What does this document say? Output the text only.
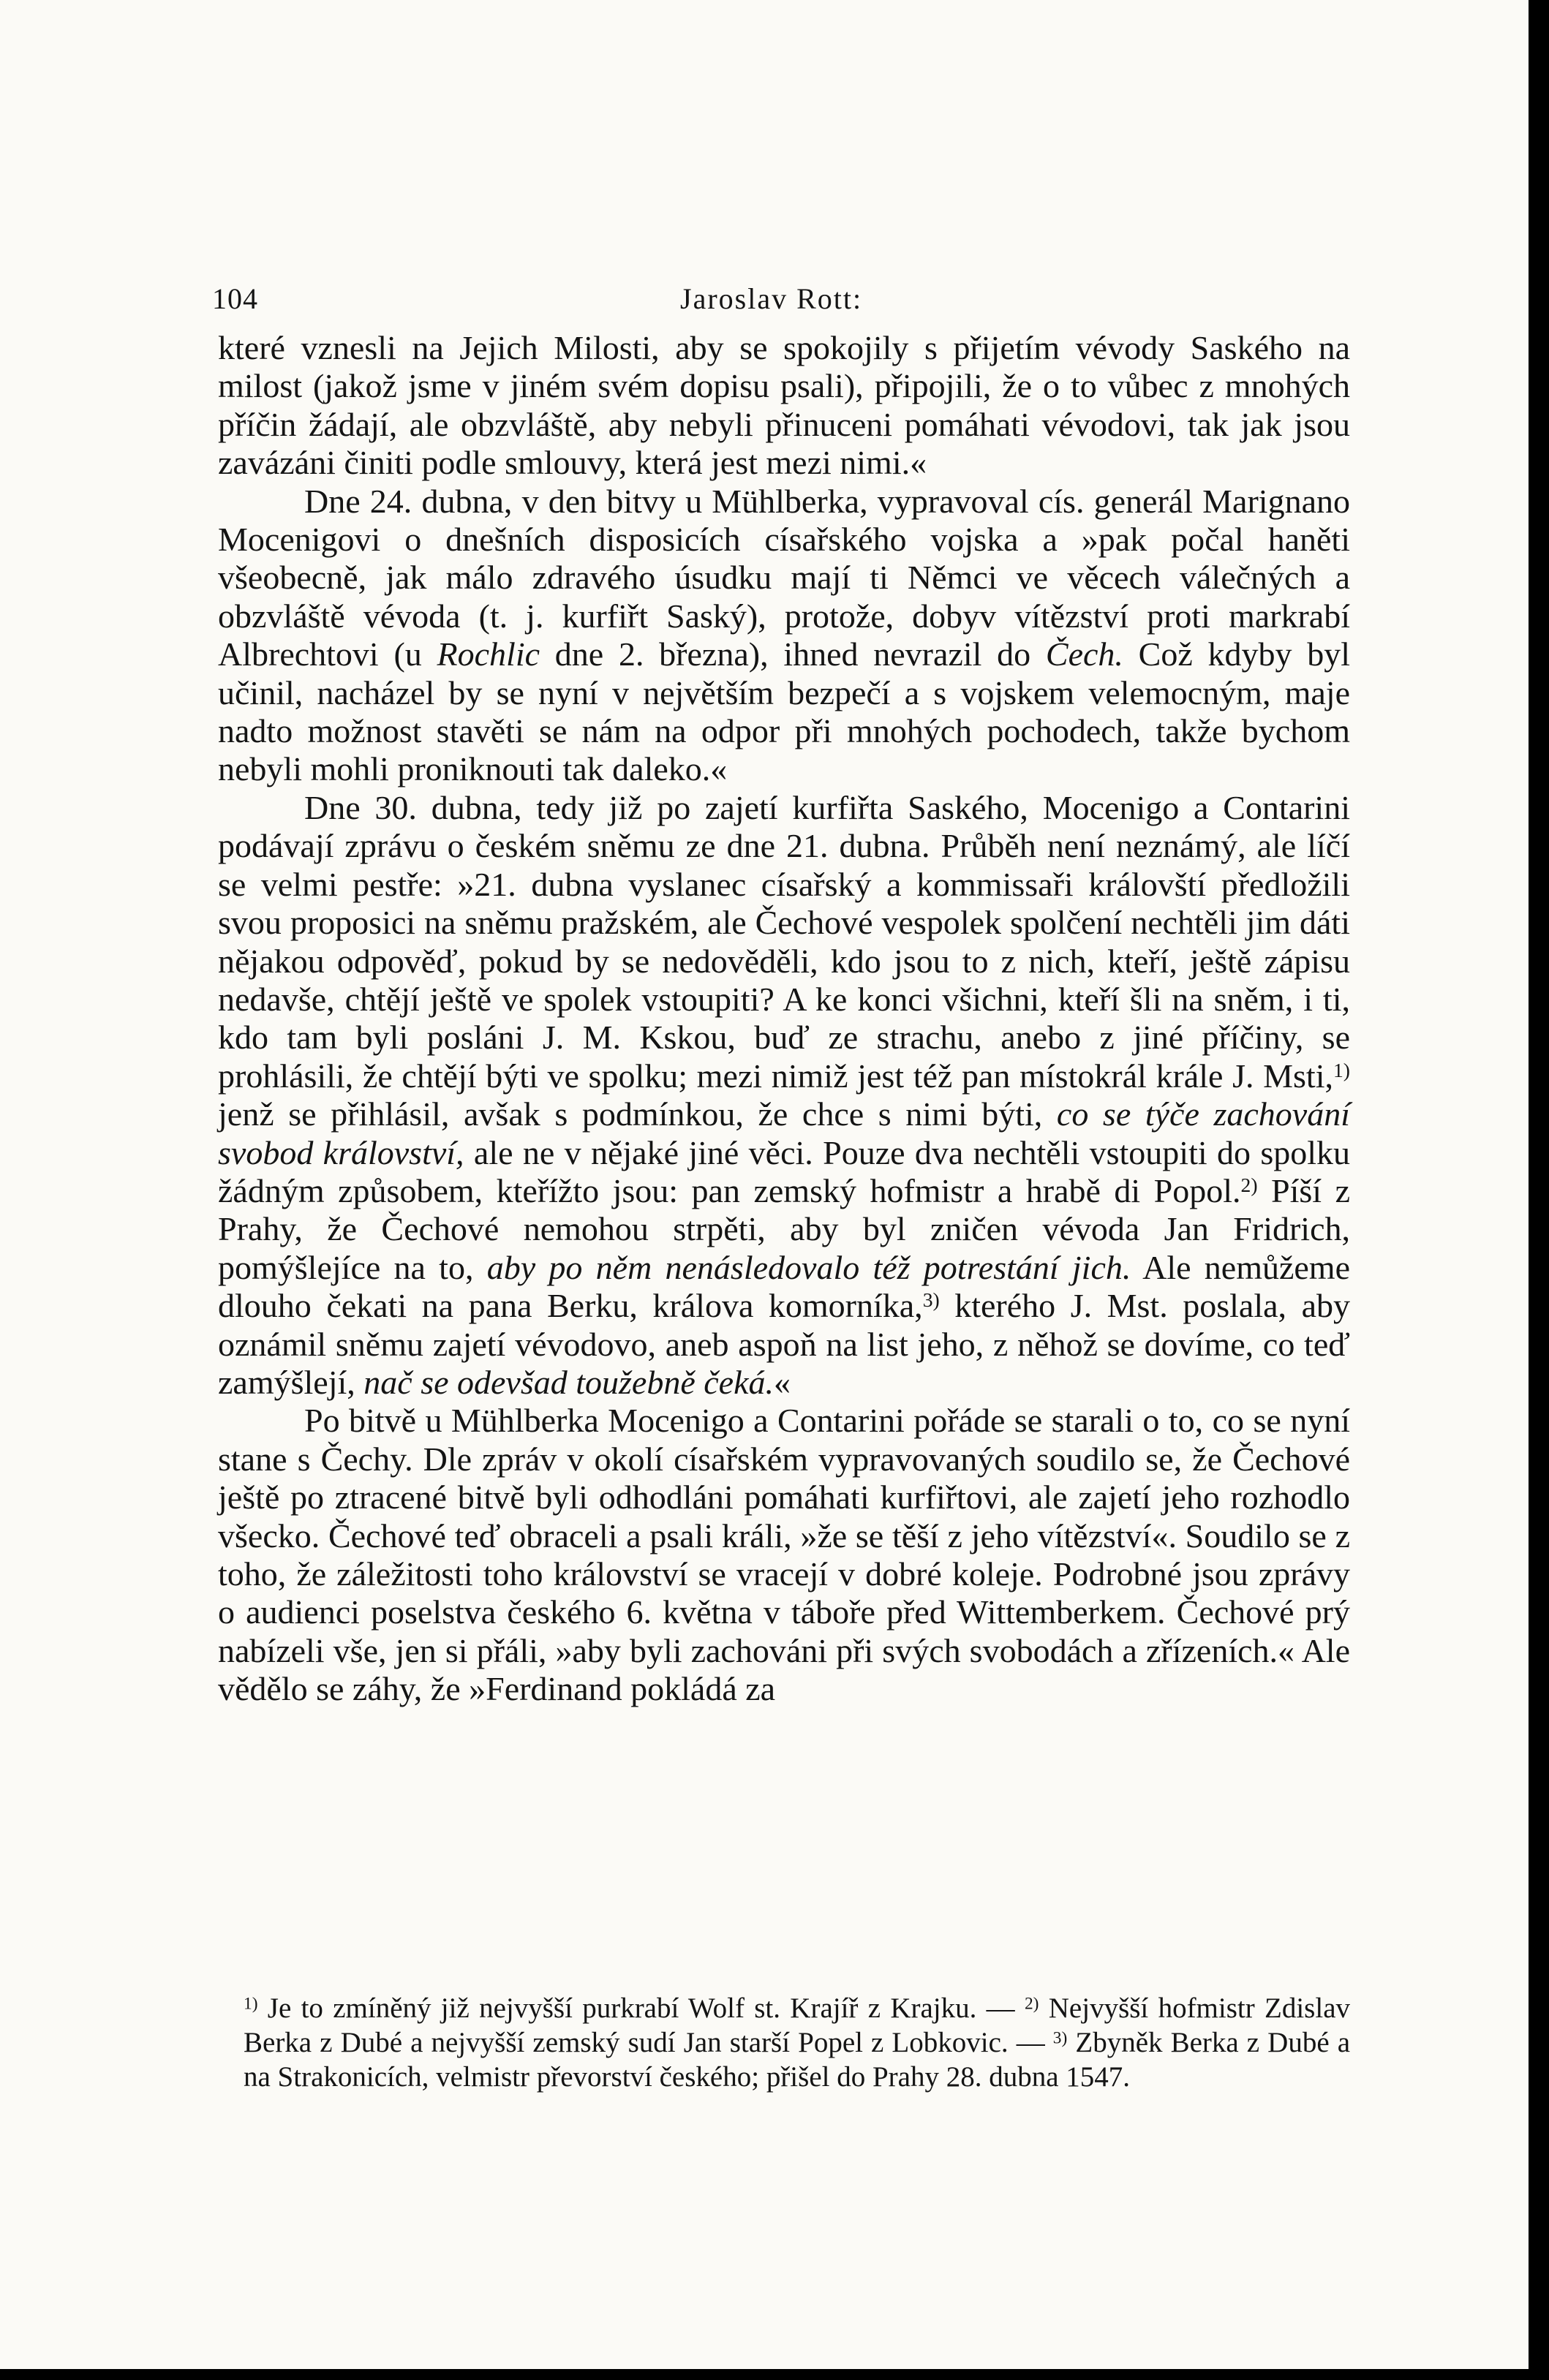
104	Jaroslav Rott:

které vznesli na Jejich Milosti, aby se spokojily s přijetím vévody Saského na milost (jakož jsme v jiném svém dopisu psali), připojili, že o to vůbec z mnohých příčin žádají, ale obzvláště, aby nebyli přinuceni pomáhati vévodovi, tak jak jsou zavázáni činiti podle smlouvy, která jest mezi nimi.«

Dne 24. dubna, v den bitvy u Mühlberka, vypravoval cís. generál Marignano Mocenigovi o dnešních disposicích císařského vojska a »pak počal haněti všeobecně, jak málo zdravého úsudku mají ti Němci ve věcech válečných a obzvláště vévoda (t. j. kurfiřt Saský), protože, dobyv vítězství proti markrabí Albrechtovi (u Rochlic dne 2. března), ihned nevrazil do Čech. Což kdyby byl učinil, nacházel by se nyní v největším bezpečí a s vojskem velemocným, maje nadto možnost stavěti se nám na odpor při mnohých pochodech, takže bychom nebyli mohli proniknouti tak daleko.«

Dne 30. dubna, tedy již po zajetí kurfiřta Saského, Mocenigo a Contarini podávají zprávu o českém sněmu ze dne 21. dubna. Průběh není neznámý, ale líčí se velmi pestře: »21. dubna vyslanec císařský a kommissaři královští předložili svou proposici na sněmu pražském, ale Čechové vespolek spolčení nechtěli jim dáti nějakou odpověď, pokud by se nedověděli, kdo jsou to z nich, kteří, ještě zápisu nedavše, chtějí ještě ve spolek vstoupiti? A ke konci všichni, kteří šli na sněm, i ti, kdo tam byli posláni J. M. Kskou, buď ze strachu, anebo z jiné příčiny, se prohlásili, že chtějí býti ve spolku; mezi nimiž jest též pan místokrál krále J. Msti,$^{1)}$ jenž se přihlásil, avšak s podmínkou, že chce s nimi býti, co se týče zachování svobod království, ale ne v nějaké jiné věci. Pouze dva nechtěli vstoupiti do spolku žádným způsobem, kteřížto jsou: pan zemský hofmistr a hrabě di Popol.$^{2)}$ Píší z Prahy, že Čechové nemohou strpěti, aby byl zničen vévoda Jan Fridrich, pomýšlejíce na to, aby po něm nenásledovalo též potrestání jich. Ale nemůžeme dlouho čekati na pana Berku, králova komorníka,$^{3)}$ kterého J. Mst. poslala, aby oznámil sněmu zajetí vévodovo, aneb aspoň na list jeho, z něhož se dovíme, co teď zamýšlejí, nač se odevšad toužebně čeká.«

Po bitvě u Mühlberka Mocenigo a Contarini pořáde se starali o to, co se nyní stane s Čechy. Dle zpráv v okolí císařském vypravovaných soudilo se, že Čechové ještě po ztracené bitvě byli odhodláni pomáhati kurfiřtovi, ale zajetí jeho rozhodlo všecko. Čechové teď obraceli a psali králi, »že se těší z jeho vítězství«. Soudilo se z toho, že záležitosti toho království se vracejí v dobré koleje. Podrobné jsou zprávy o audienci poselstva českého 6. května v táboře před Wittemberkem. Čechové prý nabízeli vše, jen si přáli, »aby byli zachováni při svých svobodách a zřízeních.« Ale vědělo se záhy, že »Ferdinand pokládá za

$^{1)}$ Je to zmíněný již nejvyšší purkrabí Wolf st. Krajíř z Krajku. — $^{2)}$ Nejvyšší hofmistr Zdislav Berka z Dubé a nejvyšší zemský sudí Jan starší Popel z Lobkovic. — $^{3)}$ Zbyněk Berka z Dubé a na Strakonicích, velmistr převorství českého; přišel do Prahy 28. dubna 1547.
